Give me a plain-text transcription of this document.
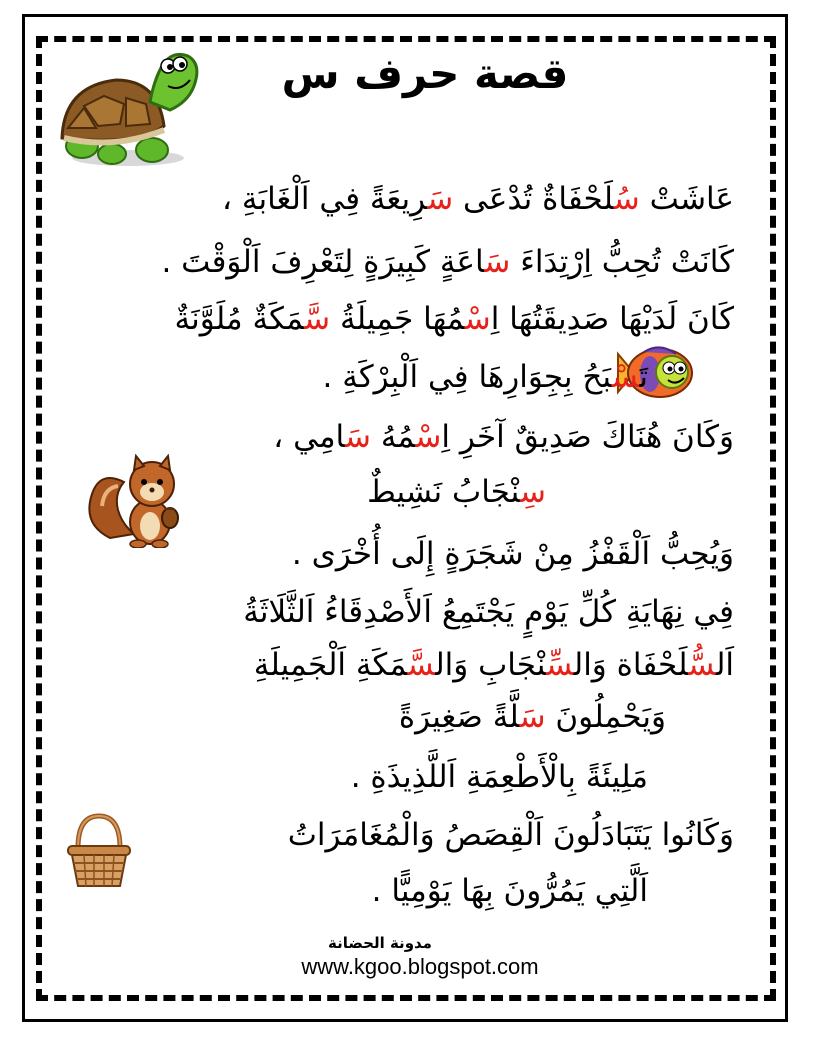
قصة حرف س
عَاشَتْ سُلَحْفَاةٌ تُدْعَى سَرِيعَةً فِي اَلْغَابَةِ ،
كَانَتْ تُحِبُّ اِرْتِدَاءَ سَاعَةٍ كَبِيرَةٍ لِتَعْرِفَ اَلْوَقْتَ .
كَانَ لَدَيْهَا صَدِيقَتُهَا اِسْمُهَا جَمِيلَةُ سَّمَكَةٌ مُلَوَّنَةٌ
تَسْبَحُ بِجِوَارِهَا فِي اَلْبِرْكَةِ .
وَكَانَ هُنَاكَ صَدِيقٌ آخَرِ اِسْمُهُ سَامِي ،
سِنْجَابُ نَشِيطٌ
وَيُحِبُّ اَلْقَفْزُ مِنْ شَجَرَةٍ إِلَى أُخْرَى .
فِي نِهَايَةِ كُلِّ يَوْمٍ يَجْتَمِعُ اَلأَصْدِقَاءُ اَلثَّلَاثَةُ
اَلسُّلَحْفَاة وَالسِّنْجَابِ وَالسَّمَكَةِ اَلْجَمِيلَةِ
وَيَحْمِلُونَ سَلَّةً صَغِيرَةً
مَلِيئَةً بِالْأَطْعِمَةِ اَللَّذِيذَةِ .
وَكَانُوا يَتَبَادَلُونَ اَلْقِصَصُ وَالْمُغَامَرَاتُ
اَلَّتِي يَمُرُّونَ بِهَا يَوْمِيًّا .
مدونة الحضانة
www.kgoo.blogspot.com
